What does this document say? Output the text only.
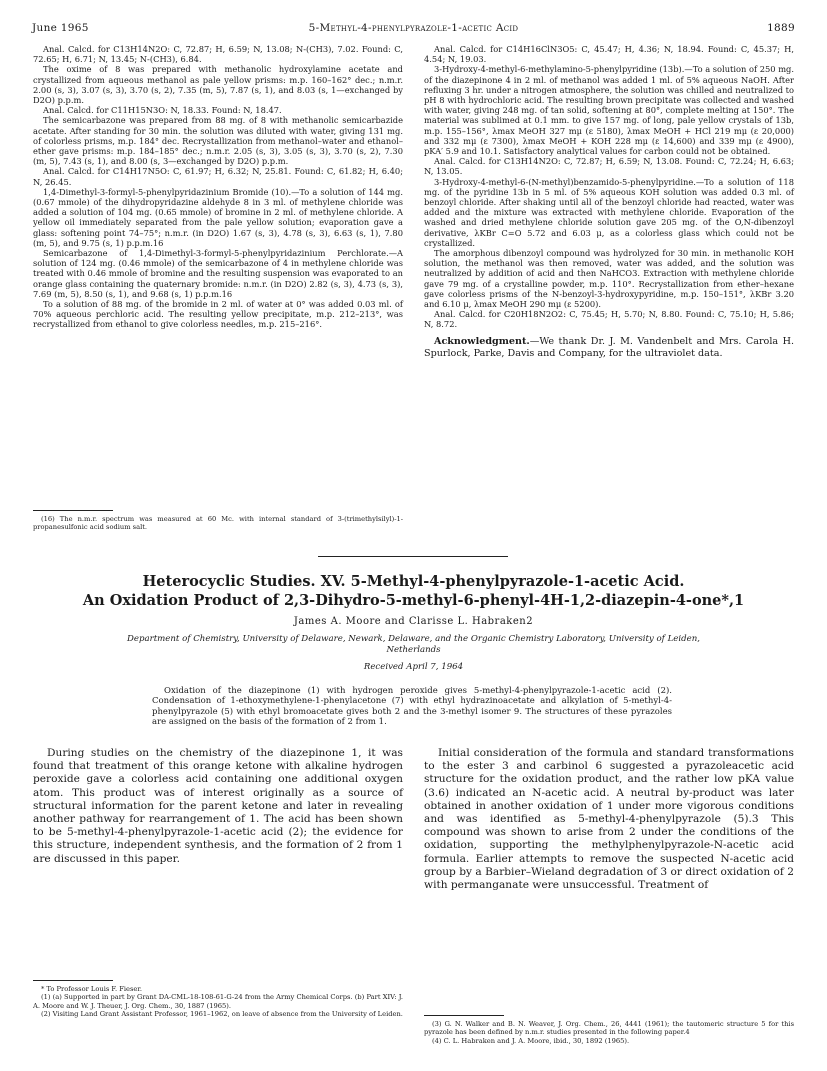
June 1965	5-Methyl-4-phenylpyrazole-1-acetic Acid	1889

Anal. Calcd. for C13H14N2O: C, 72.87; H, 6.59; N, 13.08; N-(CH3), 7.02. Found: C, 72.65; H, 6.71; N, 13.45; N-(CH3), 6.84.

The oxime of 8 was prepared with methanolic hydroxylamine acetate and crystallized from aqueous methanol as pale yellow prisms: m.p. 160–162° dec.; n.m.r. 2.00 (s, 3), 3.07 (s, 3), 3.70 (s, 2), 7.35 (m, 5), 7.87 (s, 1), and 8.03 (s, 1—exchanged by D2O) p.p.m.

Anal. Calcd. for C11H15N3O: N, 18.33. Found: N, 18.47.

The semicarbazone was prepared from 88 mg. of 8 with methanolic semicarbazide acetate. After standing for 30 min. the solution was diluted with water, giving 131 mg. of colorless prisms, m.p. 184° dec. Recrystallization from methanol–water and ethanol–ether gave prisms: m.p. 184–185° dec.; n.m.r. 2.05 (s, 3), 3.05 (s, 3), 3.70 (s, 2), 7.30 (m, 5), 7.43 (s, 1), and 8.00 (s, 3—exchanged by D2O) p.p.m.

Anal. Calcd. for C14H17N5O: C, 61.97; H, 6.32; N, 25.81. Found: C, 61.82; H, 6.40; N, 26.45.

1,4-Dimethyl-3-formyl-5-phenylpyridazinium Bromide (10).—To a solution of 144 mg. (0.67 mmole) of the dihydropyridazine aldehyde 8 in 3 ml. of methylene chloride was added a solution of 104 mg. (0.65 mmole) of bromine in 2 ml. of methylene chloride. A yellow oil immediately separated from the pale yellow solution; evaporation gave a glass: softening point 74–75°; n.m.r. (in D2O) 1.67 (s, 3), 4.78 (s, 3), 6.63 (s, 1), 7.80 (m, 5), and 9.75 (s, 1) p.p.m.16

Semicarbazone of 1,4-Dimethyl-3-formyl-5-phenylpyridazinium Perchlorate.—A solution of 124 mg. (0.46 mmole) of the semicarbazone of 4 in methylene chloride was treated with 0.46 mmole of bromine and the resulting suspension was evaporated to an orange glass containing the quaternary bromide: n.m.r. (in D2O) 2.82 (s, 3), 4.73 (s, 3), 7.69 (m, 5), 8.50 (s, 1), and 9.68 (s, 1) p.p.m.16

To a solution of 88 mg. of the bromide in 2 ml. of water at 0° was added 0.03 ml. of 70% aqueous perchloric acid. The resulting yellow precipitate, m.p. 212–213°, was recrystallized from ethanol to give colorless needles, m.p. 215–216°.

(16) The n.m.r. spectrum was measured at 60 Mc. with internal standard of 3-(trimethylsilyl)-1-propanesulfonic acid sodium salt.

Anal. Calcd. for C14H16ClN3O5: C, 45.47; H, 4.36; N, 18.94. Found: C, 45.37; H, 4.54; N, 19.03.

3-Hydroxy-4-methyl-6-methylamino-5-phenylpyridine (13b).—To a solution of 250 mg. of the diazepinone 4 in 2 ml. of methanol was added 1 ml. of 5% aqueous NaOH. After refluxing 3 hr. under a nitrogen atmosphere, the solution was chilled and neutralized to pH 8 with hydrochloric acid. The resulting brown precipitate was collected and washed with water, giving 248 mg. of tan solid, softening at 80°, complete melting at 150°. The material was sublimed at 0.1 mm. to give 157 mg. of long, pale yellow crystals of 13b, m.p. 155–156°, λmax MeOH 327 mμ (ε 5180), λmax MeOH + HCl 219 mμ (ε 20,000) and 332 mμ (ε 7300), λmax MeOH + KOH 228 mμ (ε 14,600) and 339 mμ (ε 4900), pKA′ 5.9 and 10.1. Satisfactory analytical values for carbon could not be obtained.

Anal. Calcd. for C13H14N2O: C, 72.87; H, 6.59; N, 13.08. Found: C, 72.24; H, 6.63; N, 13.05.

3-Hydroxy-4-methyl-6-(N-methyl)benzamido-5-phenylpyridine.—To a solution of 118 mg. of the pyridine 13b in 5 ml. of 5% aqueous KOH solution was added 0.3 ml. of benzoyl chloride. After shaking until all of the benzoyl chloride had reacted, water was added and the mixture was extracted with methylene chloride. Evaporation of the washed and dried methylene chloride solution gave 205 mg. of the O,N-dibenzoyl derivative, λKBr C=O 5.72 and 6.03 μ, as a colorless glass which could not be crystallized.

The amorphous dibenzoyl compound was hydrolyzed for 30 min. in methanolic KOH solution, the methanol was then removed, water was added, and the solution was neutralized by addition of acid and then NaHCO3. Extraction with methylene chloride gave 79 mg. of a crystalline powder, m.p. 110°. Recrystallization from ether–hexane gave colorless prisms of the N-benzoyl-3-hydroxypyridine, m.p. 150–151°, λKBr 3.20 and 6.10 μ, λmax MeOH 290 mμ (ε 5200).

Anal. Calcd. for C20H18N2O2: C, 75.45; H, 5.70; N, 8.80. Found: C, 75.10; H, 5.86; N, 8.72.

Acknowledgment.—We thank Dr. J. M. Vandenbelt and Mrs. Carola H. Spurlock, Parke, Davis and Company, for the ultraviolet data.

Heterocyclic Studies. XV. 5-Methyl-4-phenylpyrazole-1-acetic Acid.
An Oxidation Product of 2,3-Dihydro-5-methyl-6-phenyl-4H-1,2-diazepin-4-one*,1
James A. Moore and Clarisse L. Habraken2
Department of Chemistry, University of Delaware, Newark, Delaware, and the Organic Chemistry Laboratory, University of Leiden, Netherlands
Received April 7, 1964

Oxidation of the diazepinone (1) with hydrogen peroxide gives 5-methyl-4-phenylpyrazole-1-acetic acid (2). Condensation of 1-ethoxymethylene-1-phenylacetone (7) with ethyl hydrazinoacetate and alkylation of 5-methyl-4-phenylpyrazole (5) with ethyl bromoacetate gives both 2 and the 3-methyl isomer 9. The structures of these pyrazoles are assigned on the basis of the formation of 2 from 1.

During studies on the chemistry of the diazepinone 1, it was found that treatment of this orange ketone with alkaline hydrogen peroxide gave a colorless acid containing one additional oxygen atom. This product was of interest originally as a source of structural information for the parent ketone and later in revealing another pathway for rearrangement of 1. The acid has been shown to be 5-methyl-4-phenylpyrazole-1-acetic acid (2); the evidence for this structure, independent synthesis, and the formation of 2 from 1 are discussed in this paper.

Initial consideration of the formula and standard transformations to the ester 3 and carbinol 6 suggested a pyrazoleacetic acid structure for the oxidation product, and the rather low pKA value (3.6) indicated an N-acetic acid. A neutral by-product was later obtained in another oxidation of 1 under more vigorous conditions and was identified as 5-methyl-4-phenylpyrazole (5).3 This compound was shown to arise from 2 under the conditions of the oxidation, supporting the methylphenylpyrazole-N-acetic acid formula. Earlier attempts to remove the suspected N-acetic acid group by a Barbier–Wieland degradation of 3 or direct oxidation of 2 with permanganate were unsuccessful. Treatment of

* To Professor Louis F. Fieser.

(1) (a) Supported in part by Grant DA-CML-18-108-61-G-24 from the Army Chemical Corps. (b) Part XIV: J. A. Moore and W. J. Theuer, J. Org. Chem., 30, 1887 (1965).

(2) Visiting Land Grant Assistant Professor, 1961–1962, on leave of absence from the University of Leiden.

(3) G. N. Walker and B. N. Weaver, J. Org. Chem., 26, 4441 (1961); the tautomeric structure 5 for this pyrazole has been defined by n.m.r. studies presented in the following paper.4

(4) C. L. Habraken and J. A. Moore, ibid., 30, 1892 (1965).
